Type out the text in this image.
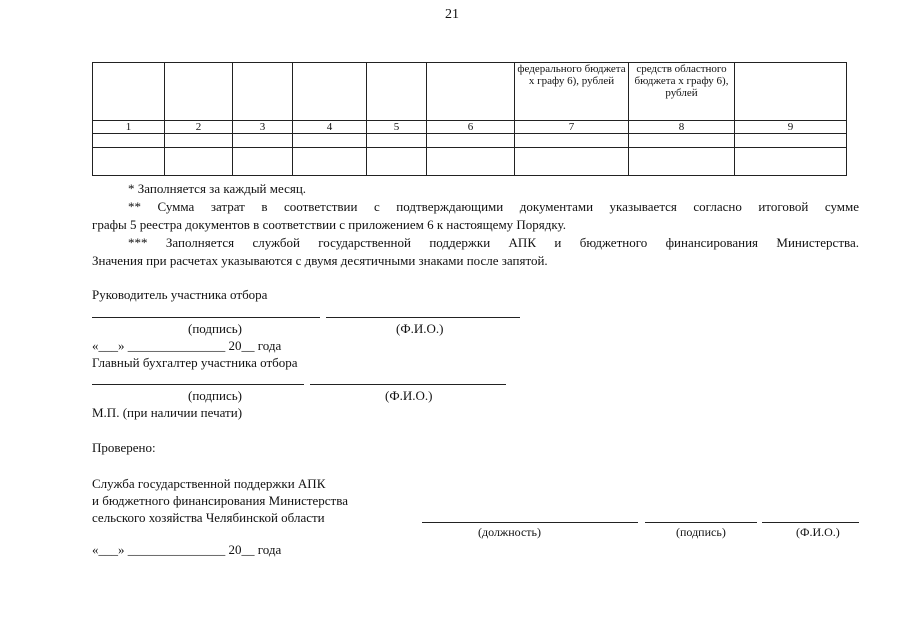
21
						федерального бюджета х графу 6), рублей	средств областного бюджета х графу 6), рублей	
1	2	3	4	5	6	7	8	9

* Заполняется за каждый месяц.
** Сумма затрат в соответствии с подтверждающими документами указывается согласно итоговой сумме
графы 5 реестра документов в соответствии с приложением 6 к настоящему Порядку.
*** Заполняется службой государственной поддержки АПК и бюджетного финансирования Министерства.
Значения при расчетах указываются с двумя десятичными знаками после запятой.
Руководитель участника отбора
(подпись)	(Ф.И.О.)
«___» _______________ 20__ года
Главный бухгалтер участника отбора
(подпись)	(Ф.И.О.)
М.П. (при наличии печати)
Проверено:
Служба государственной поддержки АПК
и бюджетного финансирования Министерства
сельского хозяйства Челябинской области
(должность)	(подпись)	(Ф.И.О.)
«___» _______________ 20__ года
